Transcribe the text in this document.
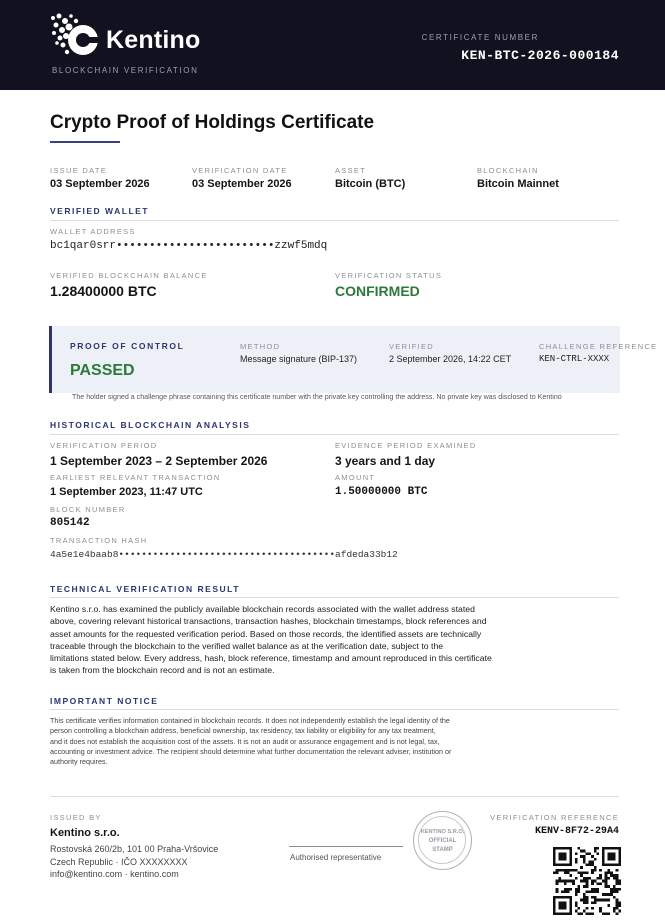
Kentino
BLOCKCHAIN VERIFICATION
CERTIFICATE NUMBER
KEN-BTC-2026-000184
Crypto Proof of Holdings Certificate
ISSUE DATE
03 September 2026
VERIFICATION DATE
03 September 2026
ASSET
Bitcoin (BTC)
BLOCKCHAIN
Bitcoin Mainnet
VERIFIED WALLET
WALLET ADDRESS
bc1qar0srr••••••••••••••••••••••••zzwf5mdq
VERIFIED BLOCKCHAIN BALANCE
1.28400000 BTC
VERIFICATION STATUS
CONFIRMED
PROOF OF CONTROL
PASSED
METHOD
Message signature (BIP-137)
VERIFIED
2 September 2026, 14:22 CET
CHALLENGE REFERENCE
KEN-CTRL-XXXX
The holder signed a challenge phrase containing this certificate number with the private key controlling the address. No private key was disclosed to Kentino
HISTORICAL BLOCKCHAIN ANALYSIS
VERIFICATION PERIOD
1 September 2023 – 2 September 2026
EVIDENCE PERIOD EXAMINED
3 years and 1 day
EARLIEST RELEVANT TRANSACTION
1 September 2023, 11:47 UTC
AMOUNT
1.50000000 BTC
BLOCK NUMBER
805142
TRANSACTION HASH
4a5e1e4baab8••••••••••••••••••••••••••••••••••••••afdeda33b12
TECHNICAL VERIFICATION RESULT
Kentino s.r.o. has examined the publicly available blockchain records associated with the wallet address stated
above, covering relevant historical transactions, transaction hashes, blockchain timestamps, block references and
asset amounts for the requested verification period. Based on those records, the identified assets are technically
traceable through the blockchain to the verified wallet balance as at the verification date, subject to the
limitations stated below. Every address, hash, block reference, timestamp and amount reproduced in this certificate
is taken from the blockchain record and is not an estimate.
IMPORTANT NOTICE
This certificate verifies information contained in blockchain records. It does not independently establish the legal identity of the
person controlling a blockchain address, beneficial ownership, tax residency, tax liability or eligibility for any tax treatment,
and it does not establish the acquisition cost of the assets. It is not an audit or assurance engagement and is not legal, tax,
accounting or investment advice. The recipient should determine what further documentation the relevant adviser, institution or
authority requires.
ISSUED BY
Kentino s.r.o.
Rostovská 260/2b, 101 00 Praha-Vršovice
Czech Republic · IČO XXXXXXXX
info@kentino.com · kentino.com
KENTINO S.R.O.
OFFICIAL
STAMP
Authorised representative
VERIFICATION REFERENCE
KENV-8F72-29A4
